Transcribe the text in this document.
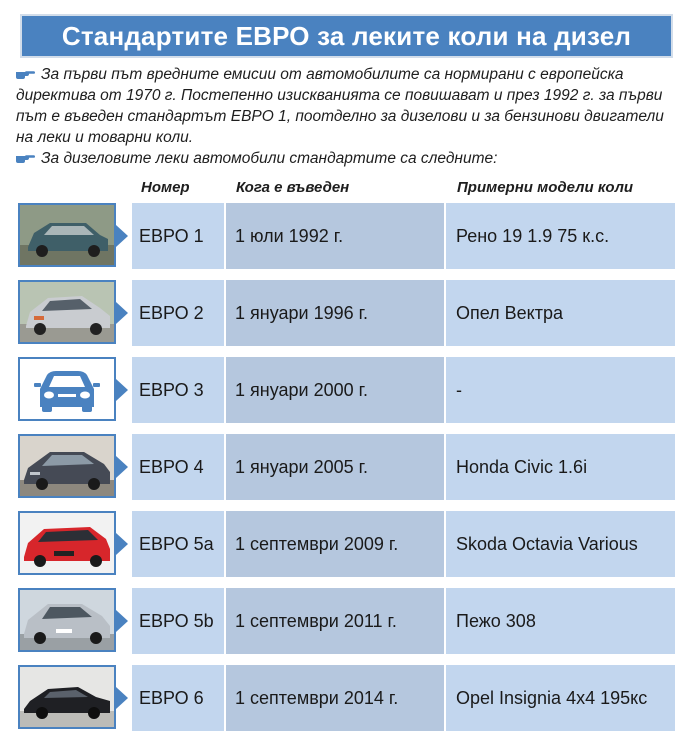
Стандартите ЕВРО за леките коли на дизел

За първи път вредните емисии от автомобилите са нормирани с европейска директива от 1970 г. Постепенно изискванията се повишават и през 1992 г. за първи път е въведен стандартът ЕВРО 1, поотделно за дизелови и за бензинови двигатели на леки и товарни коли.

За дизеловите леки автомобили стандартите са следните:

Номер	Кога е въведен	Примерни модели коли
ЕВРО 1	1 юли 1992 г.	Рено 19 1.9 75 к.с.
ЕВРО 2	1 януари 1996 г.	Опел Вектра
ЕВРО 3	1 януари 2000 г.	-
ЕВРО 4	1 януари 2005 г.	Honda Civic 1.6i
ЕВРО 5а	1 септември 2009 г.	Skoda Octavia Various
ЕВРО 5b	1 септември 2011 г.	Пежо 308
ЕВРО 6	1 септември 2014 г.	Opel Insignia 4x4 195кс
